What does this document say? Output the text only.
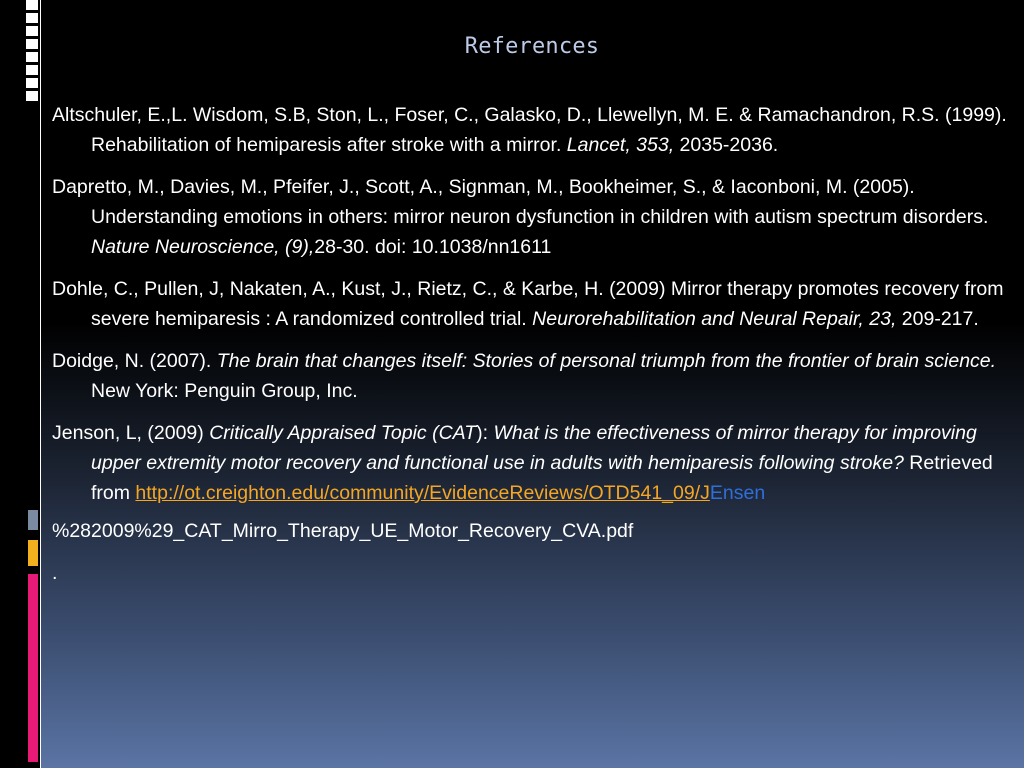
References

Altschuler, E.,L. Wisdom, S.B, Ston, L., Foser, C., Galasko, D., Llewellyn, M. E. & Ramachandron, R.S. (1999). Rehabilitation of hemiparesis after stroke with a mirror. Lancet, 353, 2035-2036.

Dapretto, M., Davies, M., Pfeifer, J., Scott, A., Signman, M., Bookheimer, S., & Iaconboni, M. (2005). Understanding emotions in others: mirror neuron dysfunction in children with autism spectrum disorders. Nature Neuroscience, (9),28-30. doi: 10.1038/nn1611

Dohle, C., Pullen, J, Nakaten, A., Kust, J., Rietz, C., & Karbe, H. (2009) Mirror therapy promotes recovery from severe hemiparesis : A randomized controlled trial. Neurorehabilitation and Neural Repair, 23, 209-217.

Doidge, N. (2007). The brain that changes itself: Stories of personal triumph from the frontier of brain science. New York: Penguin Group, Inc.

Jenson, L, (2009) Critically Appraised Topic (CAT): What is the effectiveness of mirror therapy for improving upper extremity motor recovery and functional use in adults with hemiparesis following stroke? Retrieved from http://ot.creighton.edu/community/EvidenceReviews/OTD541_09/JEnsen
%282009%29_CAT_Mirro_Therapy_UE_Motor_Recovery_CVA.pdf

.
